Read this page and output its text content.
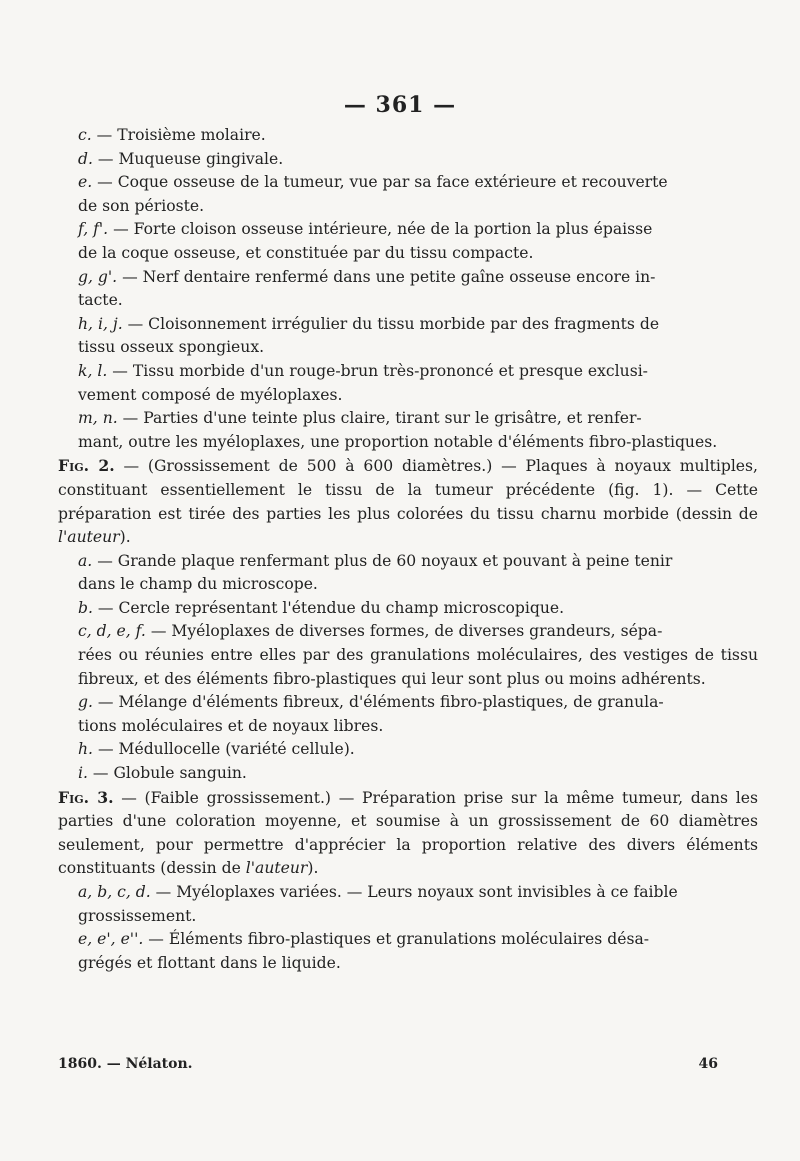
— 361 —

c. — Troisième molaire.

d. — Muqueuse gingivale.

e. — Coque osseuse de la tumeur, vue par sa face extérieure et recouverte
de son périoste.

f, f'. — Forte cloison osseuse intérieure, née de la portion la plus épaisse
de la coque osseuse, et constituée par du tissu compacte.

g, g'. — Nerf dentaire renfermé dans une petite gaîne osseuse encore in-
tacte.

h, i, j. — Cloisonnement irrégulier du tissu morbide par des fragments de
tissu osseux spongieux.

k, l. — Tissu morbide d'un rouge-brun très-prononcé et presque exclusi-
vement composé de myéloplaxes.

m, n. — Parties d'une teinte plus claire, tirant sur le grisâtre, et renfer-
mant, outre les myéloplaxes, une proportion notable d'éléments fibro-plastiques.

Fig. 2. — (Grossissement de 500 à 600 diamètres.) — Plaques à noyaux multiples, constituant essentiellement le tissu de la tumeur précédente (fig. 1). — Cette préparation est tirée des parties les plus colorées du tissu charnu morbide (dessin de l'auteur).

a. — Grande plaque renfermant plus de 60 noyaux et pouvant à peine tenir
dans le champ du microscope.

b. — Cercle représentant l'étendue du champ microscopique.

c, d, e, f. — Myéloplaxes de diverses formes, de diverses grandeurs, sépa-
rées ou réunies entre elles par des granulations moléculaires, des vestiges de tissu fibreux, et des éléments fibro-plastiques qui leur sont plus ou moins adhérents.

g. — Mélange d'éléments fibreux, d'éléments fibro-plastiques, de granula-
tions moléculaires et de noyaux libres.

h. — Médullocelle (variété cellule).

i. — Globule sanguin.

Fig. 3. — (Faible grossissement.) — Préparation prise sur la même tumeur, dans les parties d'une coloration moyenne, et soumise à un grossissement de 60 diamètres seulement, pour permettre d'apprécier la proportion relative des divers éléments constituants (dessin de l'auteur).

a, b, c, d. — Myéloplaxes variées. — Leurs noyaux sont invisibles à ce faible
grossissement.

e, e', e''. — Éléments fibro-plastiques et granulations moléculaires désa-
grégés et flottant dans le liquide.

1860. — Nélaton.	46
